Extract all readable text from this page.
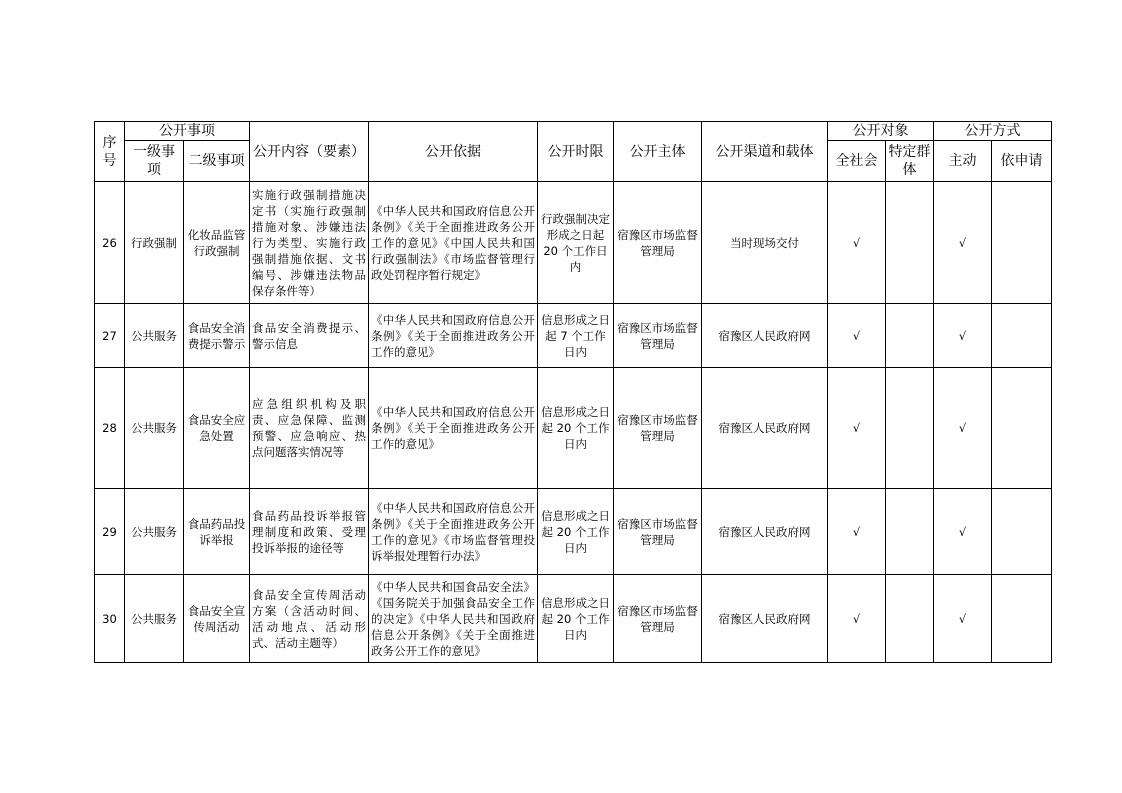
序号	公开事项		公开内容（要素）	公开依据	公开时限	公开主体	公开渠道和载体	公开对象		公开方式	
	一级事项	二级事项						全社会	特定群体	主动	依申请
26	行政强制	化妆品监管行政强制	实施行政强制措施决定书（实施行政强制措施对象、涉嫌违法行为类型、实施行政强制措施依据、文书编号、涉嫌违法物品保存条件等）	《中华人民共和国政府信息公开条例》《关于全面推进政务公开工作的意见》《中国人民共和国行政强制法》《市场监督管理行政处罚程序暂行规定》	行政强制决定形成之日起 20 个工作日内	宿豫区市场监督管理局	当时现场交付	√		√	
27	公共服务	食品安全消费提示警示	食品安全消费提示、警示信息	《中华人民共和国政府信息公开条例》《关于全面推进政务公开工作的意见》	信息形成之日起 7 个工作日内	宿豫区市场监督管理局	宿豫区人民政府网	√		√	
28	公共服务	食品安全应急处置	应急组织机构及职责、应急保障、监测预警、应急响应、热点问题落实情况等	《中华人民共和国政府信息公开条例》《关于全面推进政务公开工作的意见》	信息形成之日起 20 个工作日内	宿豫区市场监督管理局	宿豫区人民政府网	√		√	
29	公共服务	食品药品投诉举报	食品药品投诉举报管理制度和政策、受理投诉举报的途径等	《中华人民共和国政府信息公开条例》《关于全面推进政务公开工作的意见》《市场监督管理投诉举报处理暂行办法》	信息形成之日起 20 个工作日内	宿豫区市场监督管理局	宿豫区人民政府网	√		√	
30	公共服务	食品安全宣传周活动	食品安全宣传周活动方案（含活动时间、活动地点、活动形式、活动主题等）	《中华人民共和国食品安全法》《国务院关于加强食品安全工作的决定》《中华人民共和国政府信息公开条例》《关于全面推进政务公开工作的意见》	信息形成之日起 20 个工作日内	宿豫区市场监督管理局	宿豫区人民政府网	√		√	
